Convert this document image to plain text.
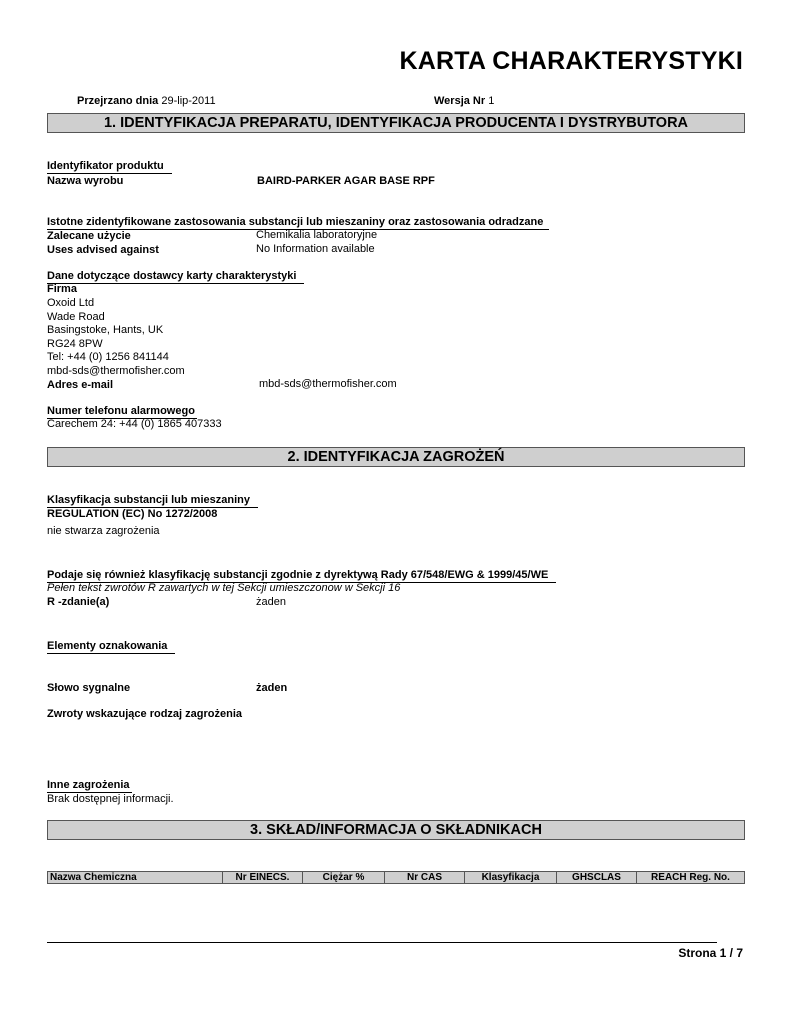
KARTA CHARAKTERYSTYKI
Przejrzano dnia 29-lip-2011	Wersja Nr 1
1. IDENTYFIKACJA PREPARATU, IDENTYFIKACJA PRODUCENTA I DYSTRYBUTORA
Identyfikator produktu
Nazwa wyrobu	BAIRD-PARKER AGAR BASE RPF
Istotne zidentyfikowane zastosowania substancji lub mieszaniny oraz zastosowania odradzane
Zalecane użycie	Chemikalia laboratoryjne
Uses advised against	No Information available
Dane dotyczące dostawcy karty charakterystyki
Firma
Oxoid Ltd
Wade Road
Basingstoke, Hants, UK
RG24 8PW
Tel: +44 (0) 1256 841144
mbd-sds@thermofisher.com
Adres e-mail	mbd-sds@thermofisher.com
Numer telefonu alarmowego
Carechem 24: +44 (0) 1865 407333
2. IDENTYFIKACJA ZAGROŻEŃ
Klasyfikacja substancji lub mieszaniny
REGULATION (EC) No 1272/2008
nie stwarza zagrożenia
Podaje się również klasyfikację substancji zgodnie z dyrektywą Rady 67/548/EWG & 1999/45/WE
Pełen tekst zwrotów R zawartych w tej Sekcji umieszczonow w Sekcji 16
R -zdanie(a)	żaden
Elementy oznakowania
Słowo sygnalne	żaden
Zwroty wskazujące rodzaj zagrożenia
Inne zagrożenia
Brak dostępnej informacji.
3. SKŁAD/INFORMACJA O SKŁADNIKACH
Nazwa Chemiczna	Nr EINECS.	Ciężar %	Nr CAS	Klasyfikacja	GHSCLAS	REACH Reg. No.
Strona 1 / 7
